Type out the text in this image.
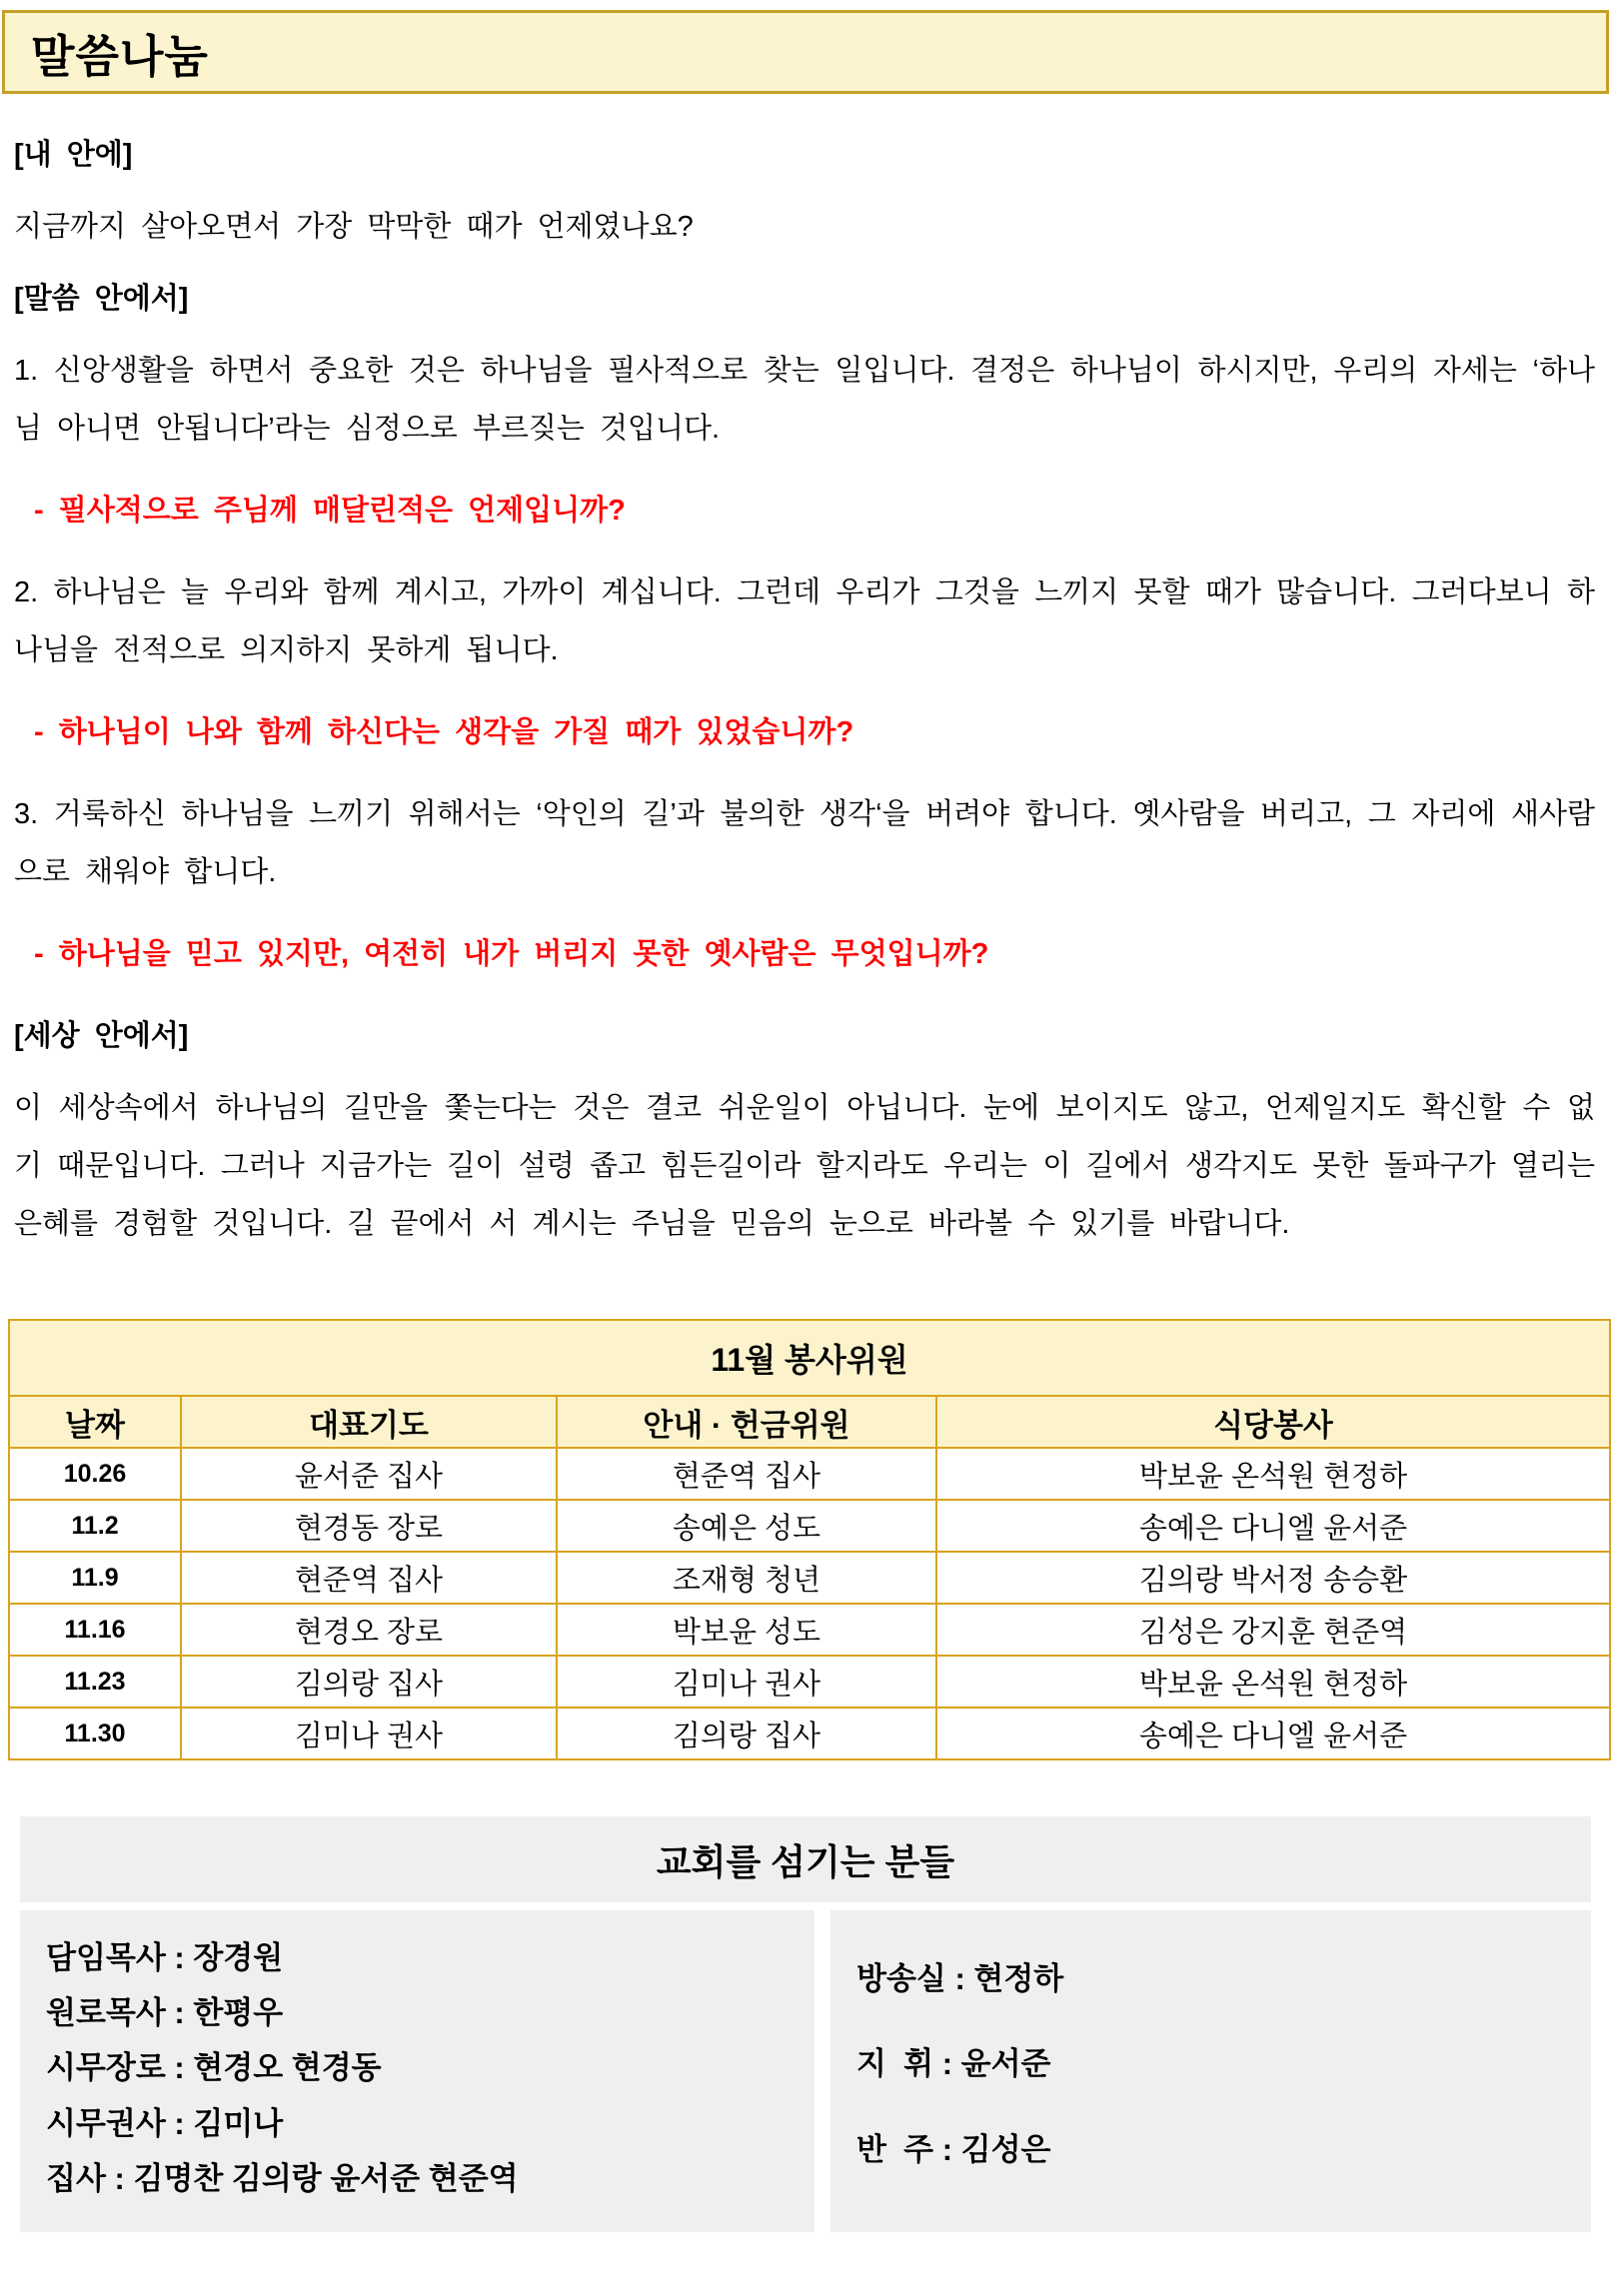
말씀나눔

[내 안에]

지금까지 살아오면서 가장 막막한 때가 언제였나요?

[말씀 안에서]

1. 신앙생활을 하면서 중요한 것은 하나님을 필사적으로 찾는 일입니다. 결정은 하나님이 하시지만, 우리의 자세는 ‘하나님 아니면 안됩니다’라는 심정으로 부르짖는 것입니다.

- 필사적으로 주님께 매달린적은 언제입니까?

2. 하나님은 늘 우리와 함께 계시고, 가까이 계십니다. 그런데 우리가 그것을 느끼지 못할 때가 많습니다. 그러다보니 하나님을 전적으로 의지하지 못하게 됩니다.

- 하나님이 나와 함께 하신다는 생각을 가질 때가 있었습니까?

3. 거룩하신 하나님을 느끼기 위해서는 ‘악인의 길’과 불의한 생각‘을 버려야 합니다. 옛사람을 버리고, 그 자리에 새사람으로 채워야 합니다.

- 하나님을 믿고 있지만, 여전히 내가 버리지 못한 옛사람은 무엇입니까?

[세상 안에서]

이 세상속에서 하나님의 길만을 쫓는다는 것은 결코 쉬운일이 아닙니다. 눈에 보이지도 않고, 언제일지도 확신할 수 없기 때문입니다. 그러나 지금가는 길이 설령 좁고 힘든길이라 할지라도 우리는 이 길에서 생각지도 못한 돌파구가 열리는 은혜를 경험할 것입니다. 길 끝에서 서 계시는 주님을 믿음의 눈으로 바라볼 수 있기를 바랍니다.

11월 봉사위원			
날짜	대표기도	안내 · 헌금위원	식당봉사
10.26	윤서준 집사	현준역 집사	박보윤 온석원 현정하
11.2	현경동 장로	송예은 성도	송예은 다니엘 윤서준
11.9	현준역 집사	조재형 청년	김의랑 박서정 송승환
11.16	현경오 장로	박보윤 성도	김성은 강지훈 현준역
11.23	김의랑 집사	김미나 권사	박보윤 온석원 현정하
11.30	김미나 권사	김의랑 집사	송예은 다니엘 윤서준
교회를 섬기는 분들
담임목사 : 장경원
원로목사 : 한평우
시무장로 : 현경오 현경동
시무권사 : 김미나
집사 : 김명찬 김의랑 윤서준 현준역
방송실 : 현정하
지  휘 : 윤서준
반  주 : 김성은
